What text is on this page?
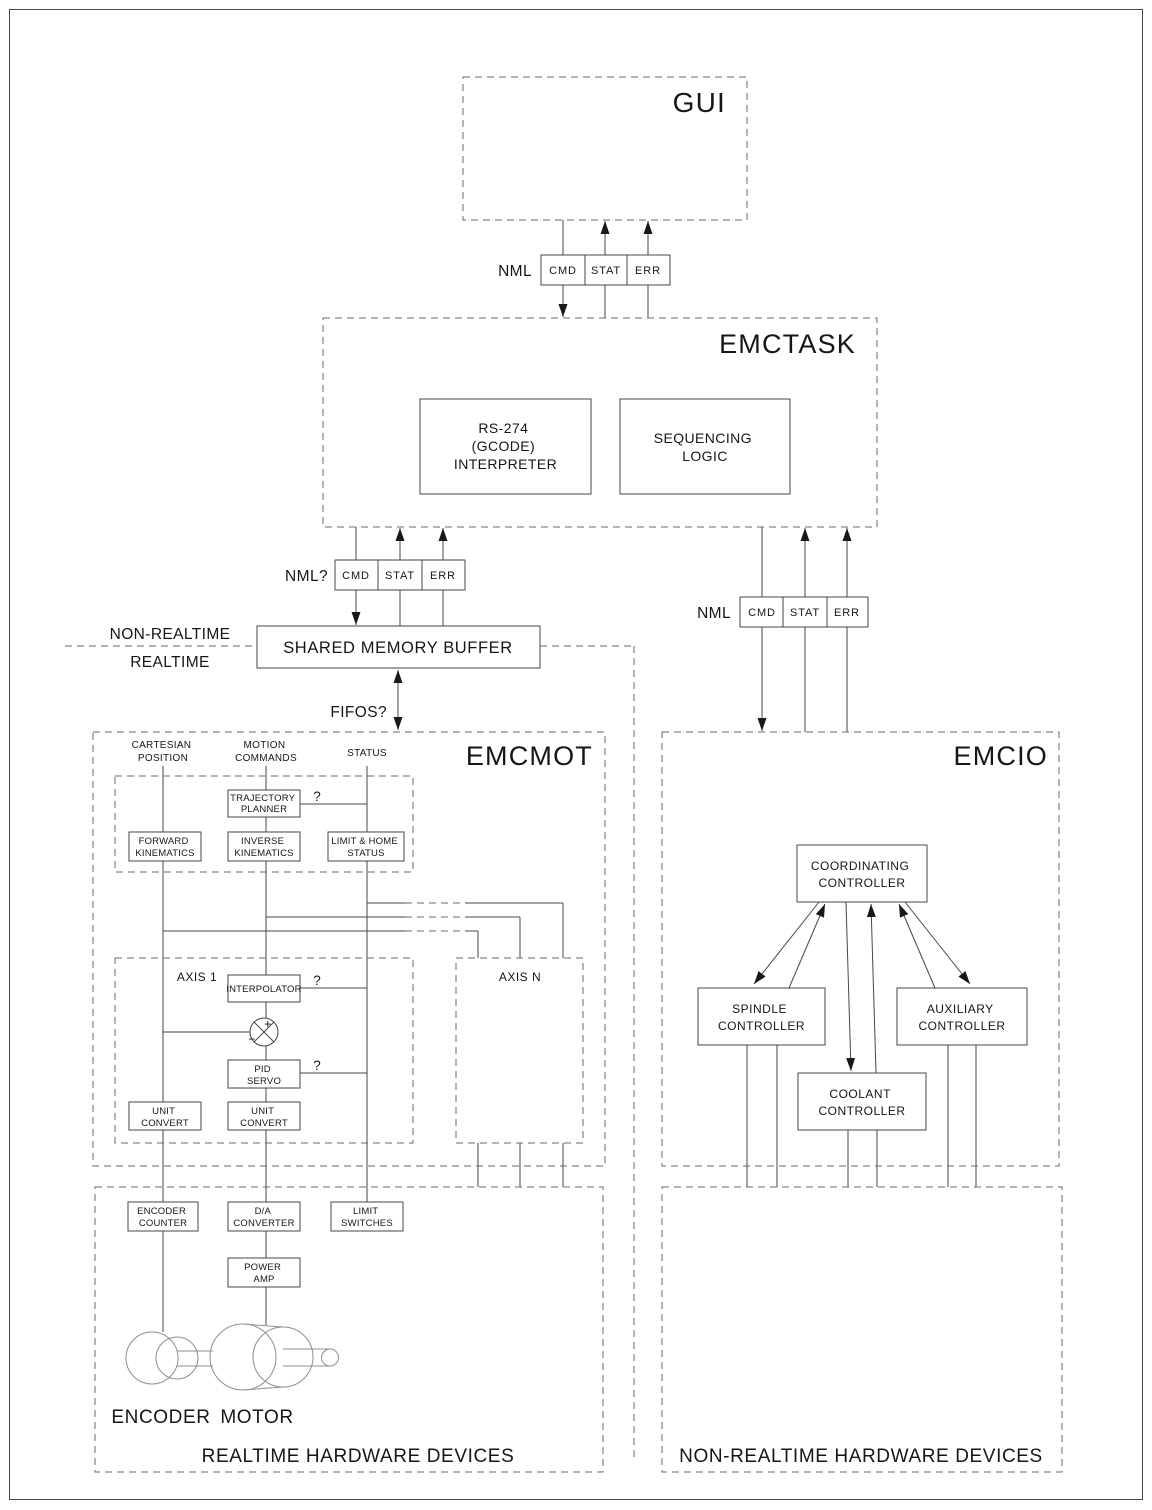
GUI
NML CMD STAT ERR
EMCTASK
RS-274 (GCODE) INTERPRETER
SEQUENCING LOGIC
NML? CMD STAT ERR
NML CMD STAT ERR
SHARED MEMORY BUFFER
NON-REALTIME
REALTIME
FIFOS?
EMCMOT
CARTESIAN POSITION
MOTION COMMANDS	STATUS
TRAJECTORY PLANNER
?
FORWARD KINEMATICS
INVERSE KINEMATICS
LIMIT & HOME STATUS
AXIS 1
INTERPOLATOR
?
+
−
PID SERVO
?
UNIT CONVERT
UNIT CONVERT
AXIS N
ENCODER COUNTER
D/A CONVERTER
LIMIT SWITCHES
POWER AMP
ENCODER MOTOR
REALTIME HARDWARE DEVICES
EMCIO
COORDINATING CONTROLLER
SPINDLE CONTROLLER
AUXILIARY CONTROLLER
COOLANT CONTROLLER
NON-REALTIME HARDWARE DEVICES
